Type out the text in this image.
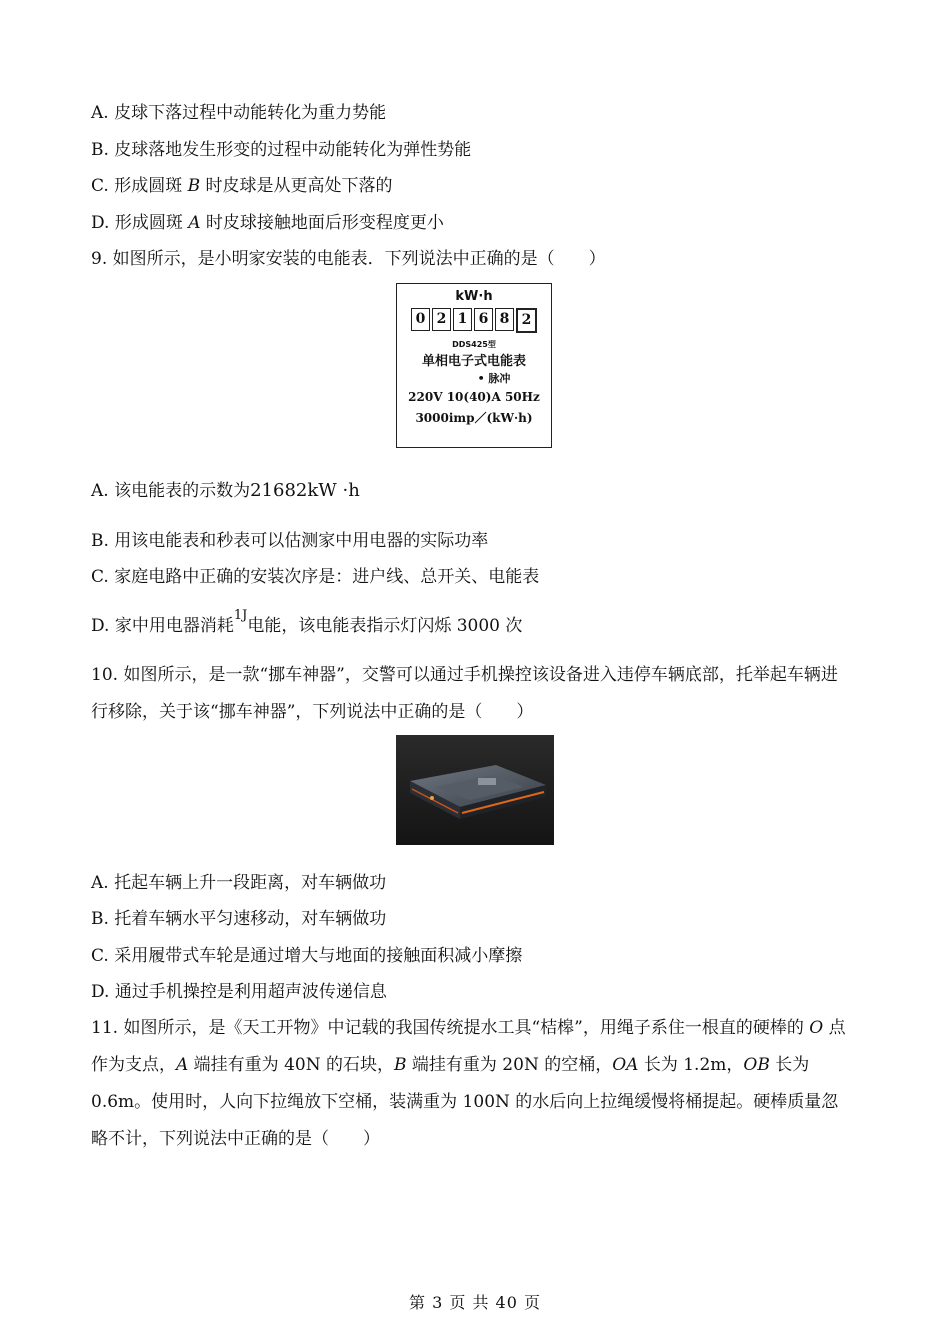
A. 皮球下落过程中动能转化为重力势能
B. 皮球落地发生形变的过程中动能转化为弹性势能
C. 形成圆斑 B 时皮球是从更高处下落的
D. 形成圆斑 A 时皮球接触地面后形变程度更小
9. 如图所示，是小明家安装的电能表．下列说法中正确的是（　　）
kW·h
0 2 1 6 8 2
DDS425型
单相电子式电能表
• 脉冲
220V 10(40)A 50Hz
3000imp／(kW·h)
A. 该电能表的示数为21682kW ·h
B. 用该电能表和秒表可以估测家中用电器的实际功率
C. 家庭电路中正确的安装次序是：进户线、总开关、电能表
D. 家中用电器消耗$^{1J}$电能，该电能表指示灯闪烁 3000 次
10. 如图所示，是一款“挪车神器”，交警可以通过手机操控该设备进入违停车辆底部，托举起车辆进行移除，关于该“挪车神器”，下列说法中正确的是（　　）
A. 托起车辆上升一段距离，对车辆做功
B. 托着车辆水平匀速移动，对车辆做功
C. 采用履带式车轮是通过增大与地面的接触面积减小摩擦
D. 通过手机操控是利用超声波传递信息
11. 如图所示，是《天工开物》中记载的我国传统提水工具“桔槔”，用绳子系住一根直的硬棒的 O 点作为支点，A 端挂有重为 40N 的石块，B 端挂有重为 20N 的空桶，OA 长为 1.2m，OB 长为 0.6m。使用时，人向下拉绳放下空桶，装满重为 100N 的水后向上拉绳缓慢将桶提起。硬棒质量忽略不计，下列说法中正确的是（　　）
第 3 页 共 40 页
